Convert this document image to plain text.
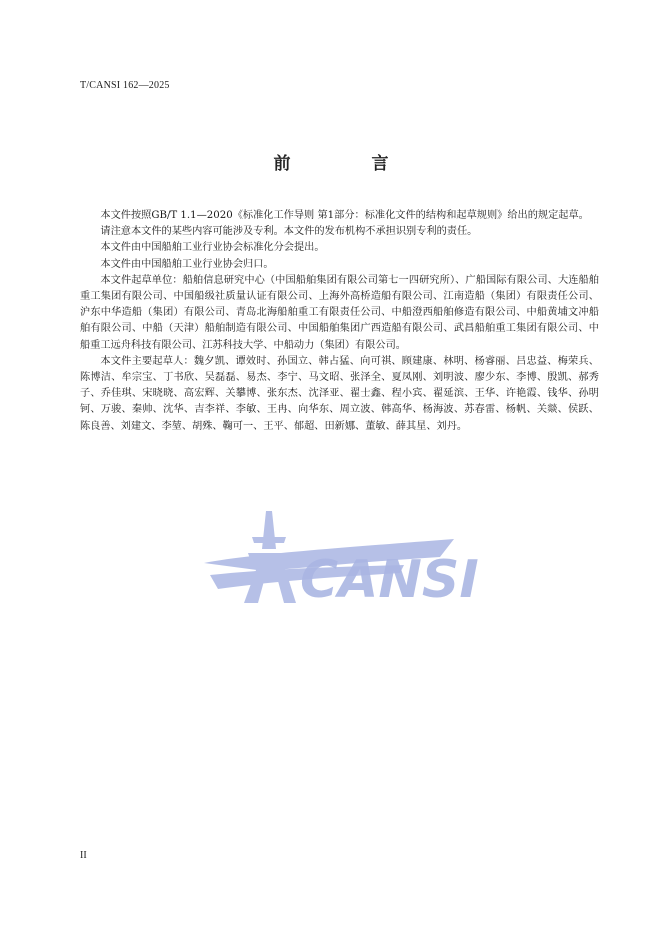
T/CANSI 162—2025
前　言

本文件按照GB/T 1.1—2020《标准化工作导则 第1部分：标准化文件的结构和起草规则》给出的规定起草。

请注意本文件的某些内容可能涉及专利。本文件的发布机构不承担识别专利的责任。

本文件由中国船舶工业行业协会标准化分会提出。

本文件由中国船舶工业行业协会归口。

本文件起草单位：船舶信息研究中心（中国船舶集团有限公司第七一四研究所）、广船国际有限公司、大连船舶重工集团有限公司、中国船级社质量认证有限公司、上海外高桥造船有限公司、江南造船（集团）有限责任公司、沪东中华造船（集团）有限公司、青岛北海船舶重工有限责任公司、中船澄西船舶修造有限公司、中船黄埔文冲船舶有限公司、中船（天津）船舶制造有限公司、中国船舶集团广西造船有限公司、武昌船舶重工集团有限公司、中船重工远舟科技有限公司、江苏科技大学、中船动力（集团）有限公司。

本文件主要起草人：魏夕凯、谭效时、孙国立、韩占猛、向可祺、顾建康、林明、杨睿丽、吕忠益、梅荣兵、陈博洁、牟宗宝、丁书欣、吴磊磊、易杰、李宁、马文昭、张泽全、夏凤刚、刘明波、廖少东、李博、殷凯、郝秀子、乔佳琪、宋晓晓、高宏辉、关攀博、张东杰、沈泽亚、翟士鑫、程小宾、翟延滨、王华、许艳霞、钱华、孙明钶、万骏、秦帅、沈华、吉李祥、李敏、王冉、向华东、周立波、韩高华、杨海波、苏春雷、杨帆、关燚、侯跃、陈良善、刘建文、李堃、胡殊、鞠可一、王平、郁超、田新娜、董敏、薛其星、刘丹。

CANSI
II
